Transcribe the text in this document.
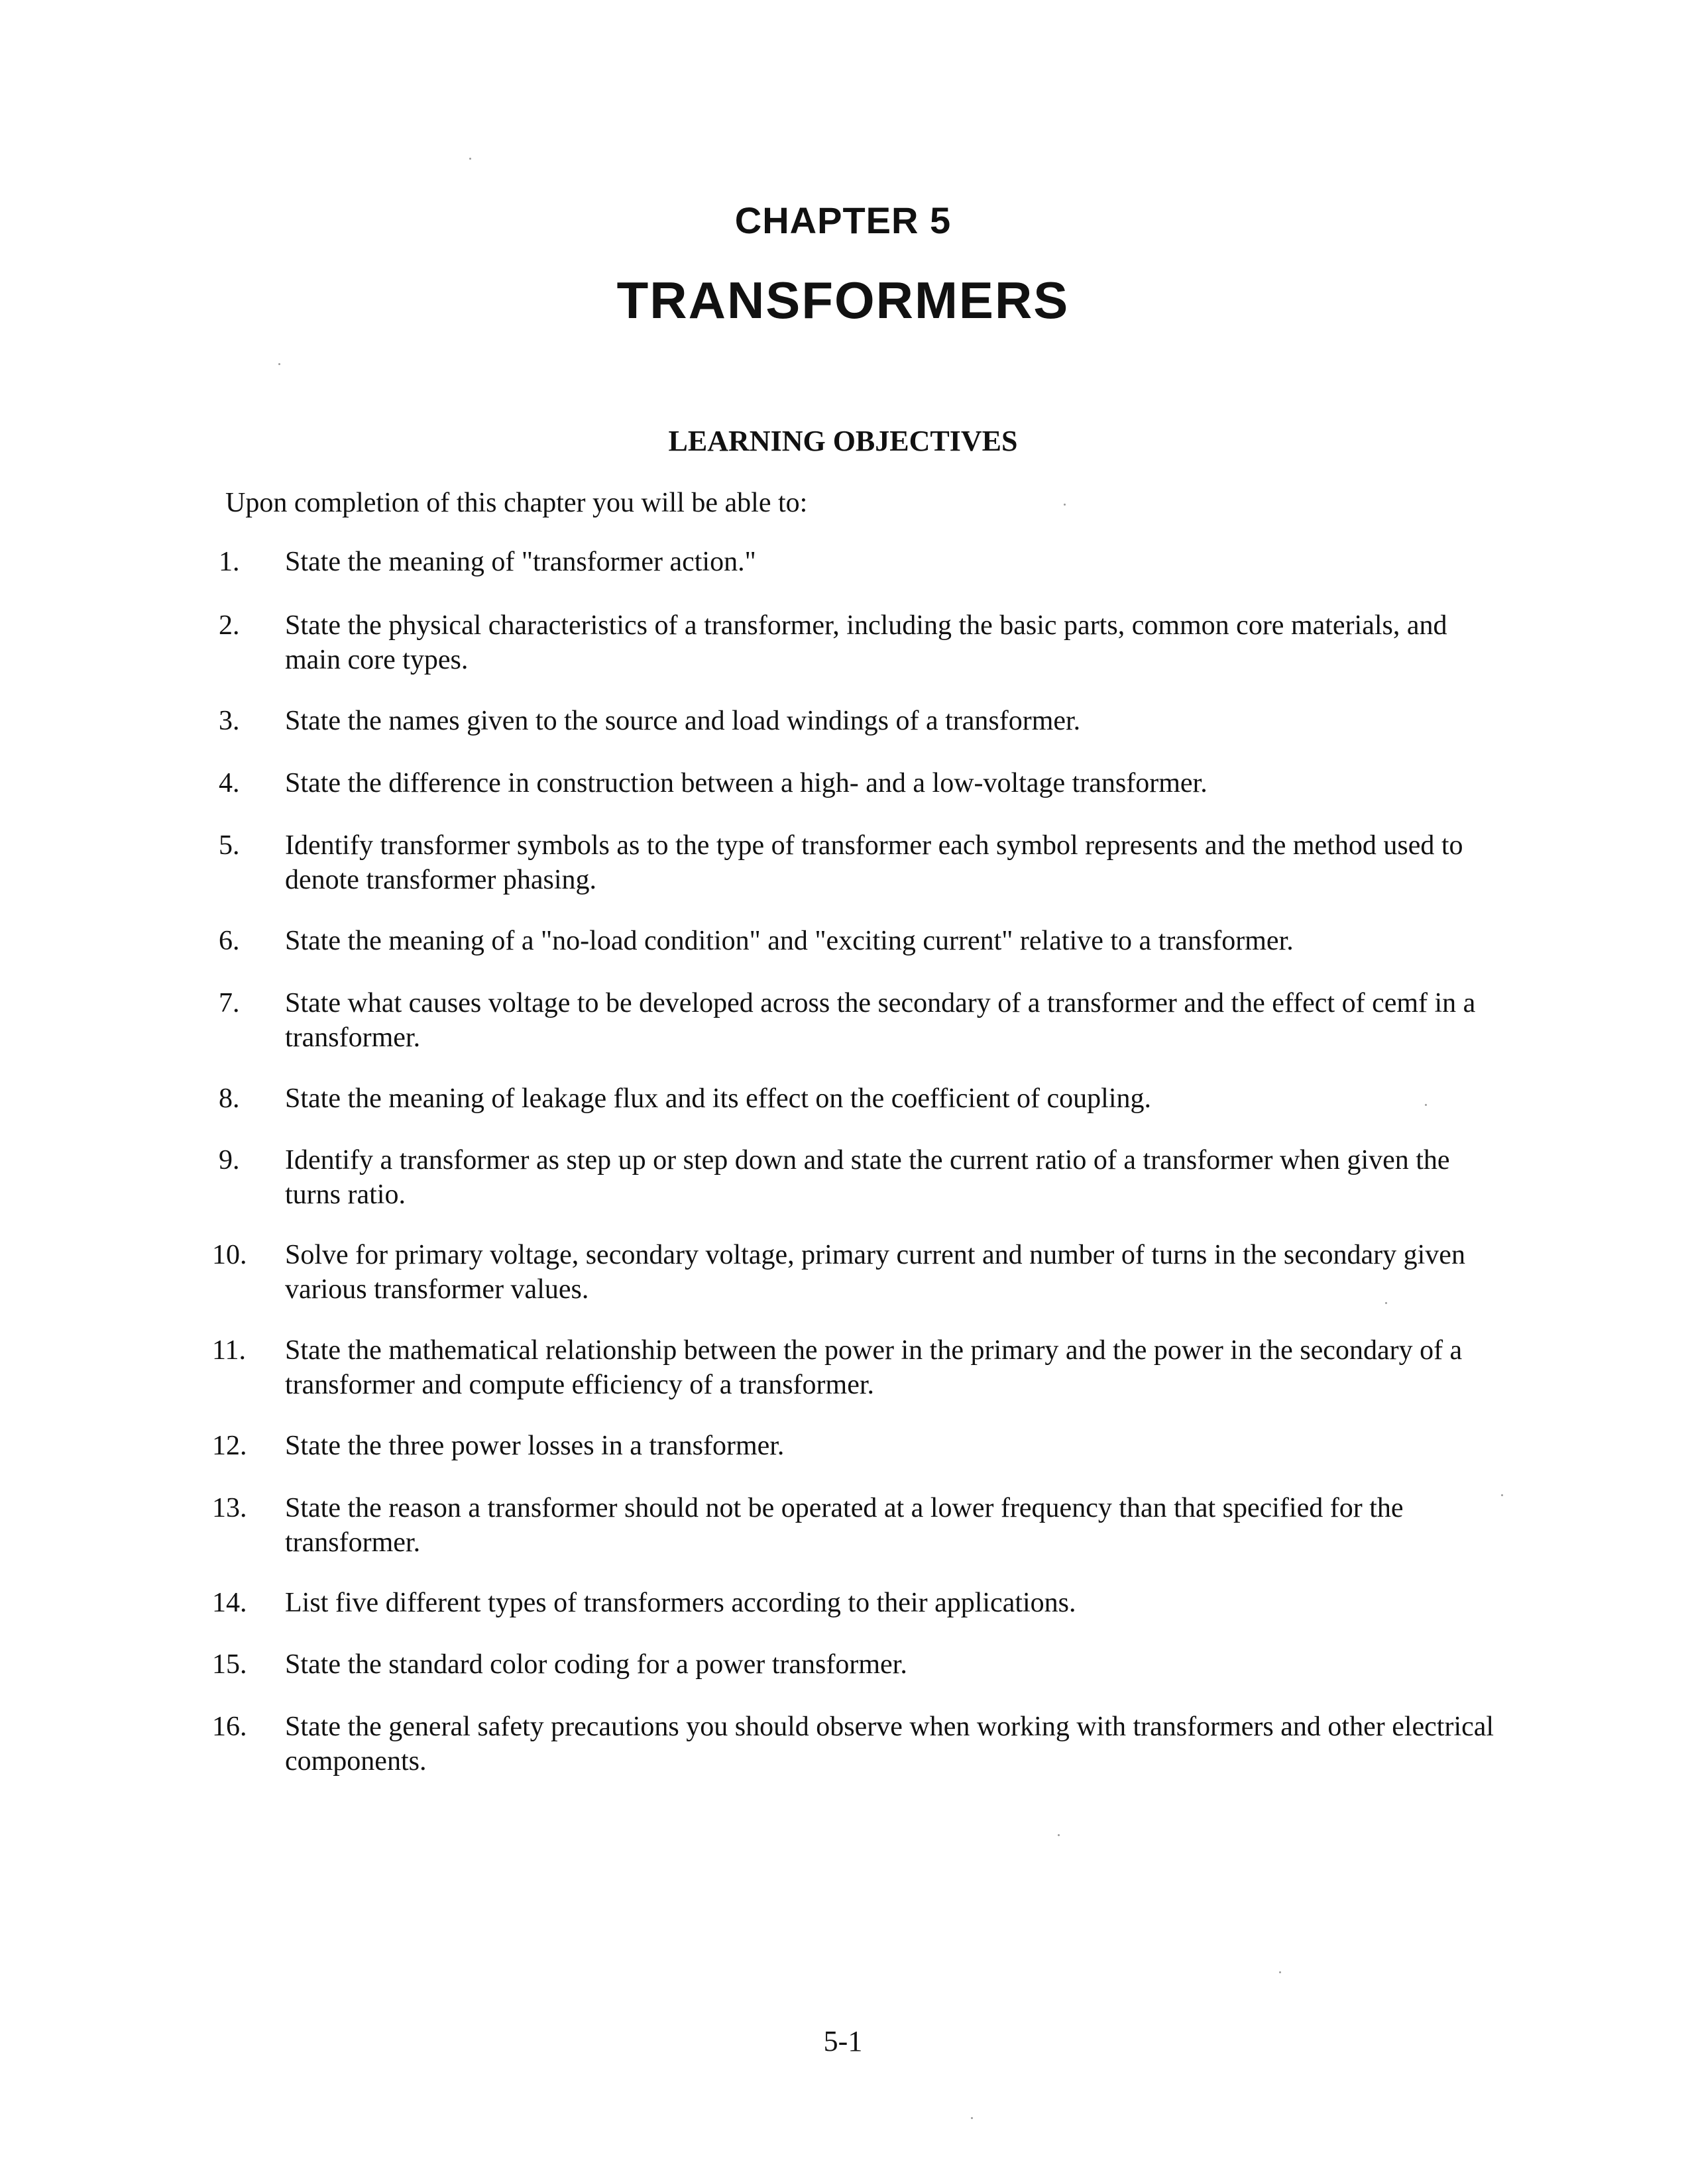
CHAPTER 5
TRANSFORMERS
LEARNING OBJECTIVES
Upon completion of this chapter you will be able to:
1.	State the meaning of "transformer action."
2.	State the physical characteristics of a transformer, including the basic parts, common core materials, and main core types.
3.	State the names given to the source and load windings of a transformer.
4.	State the difference in construction between a high- and a low-voltage transformer.
5.	Identify transformer symbols as to the type of transformer each symbol represents and the method used to denote transformer phasing.
6.	State the meaning of a "no-load condition" and "exciting current" relative to a transformer.
7.	State what causes voltage to be developed across the secondary of a transformer and the effect of cemf in a transformer.
8.	State the meaning of leakage flux and its effect on the coefficient of coupling.
9.	Identify a transformer as step up or step down and state the current ratio of a transformer when given the turns ratio.
10. Solve for primary voltage, secondary voltage, primary current and number of turns in the secondary given various transformer values.
11. State the mathematical relationship between the power in the primary and the power in the secondary of a transformer and compute efficiency of a transformer.
12. State the three power losses in a transformer.
13. State the reason a transformer should not be operated at a lower frequency than that specified for the transformer.
14. List five different types of transformers according to their applications.
15. State the standard color coding for a power transformer.
16. State the general safety precautions you should observe when working with transformers and other electrical components.
5-1
